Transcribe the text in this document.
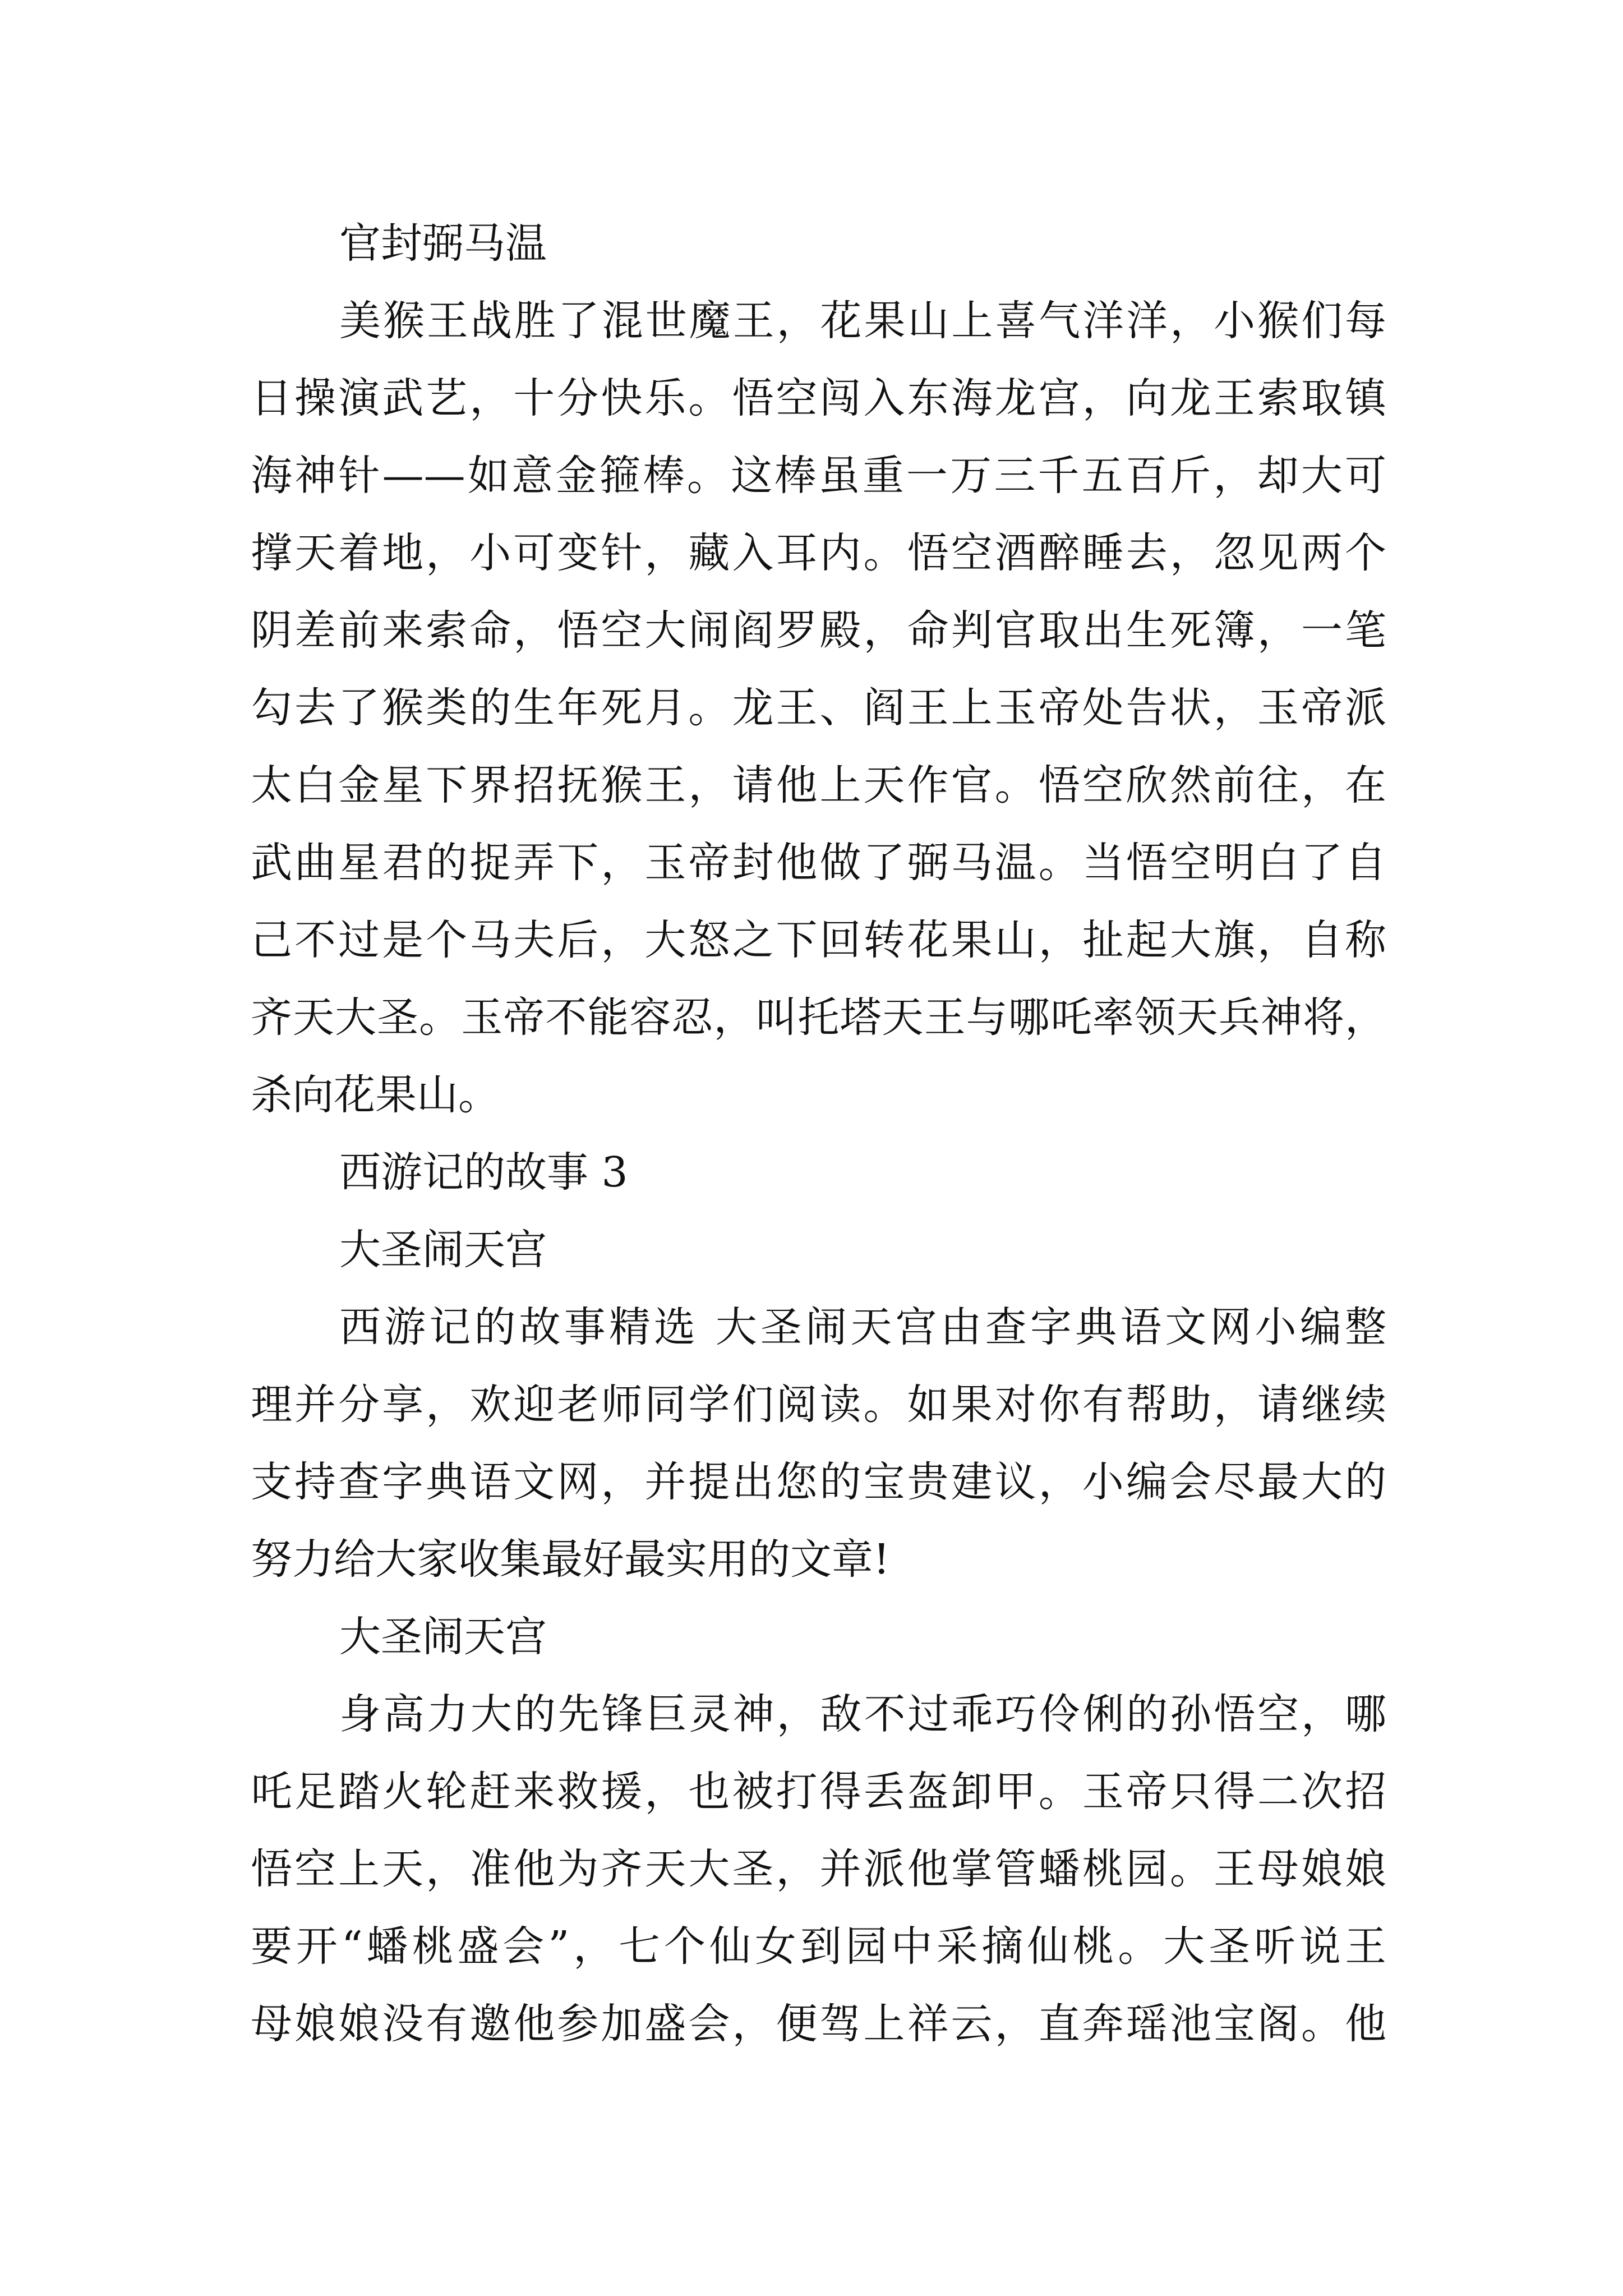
官封弼马温
美猴王战胜了混世魔王，花果山上喜气洋洋，小猴们每
日操演武艺，十分快乐。悟空闯入东海龙宫，向龙王索取镇
海神针——如意金箍棒。这棒虽重一万三千五百斤，却大可
撑天着地，小可变针，藏入耳内。悟空酒醉睡去，忽见两个
阴差前来索命，悟空大闹阎罗殿，命判官取出生死簿，一笔
勾去了猴类的生年死月。龙王、阎王上玉帝处告状，玉帝派
太白金星下界招抚猴王，请他上天作官。悟空欣然前往，在
武曲星君的捉弄下，玉帝封他做了弼马温。当悟空明白了自
己不过是个马夫后，大怒之下回转花果山，扯起大旗，自称
齐天大圣。玉帝不能容忍，叫托塔天王与哪吒率领天兵神将，
杀向花果山。
西游记的故事 3
大圣闹天宫
西游记的故事精选 大圣闹天宫由查字典语文网小编整
理并分享，欢迎老师同学们阅读。如果对你有帮助，请继续
支持查字典语文网，并提出您的宝贵建议，小编会尽最大的
努力给大家收集最好最实用的文章!
大圣闹天宫
身高力大的先锋巨灵神，敌不过乖巧伶俐的孙悟空，哪
吒足踏火轮赶来救援，也被打得丢盔卸甲。玉帝只得二次招
悟空上天，准他为齐天大圣，并派他掌管蟠桃园。王母娘娘
要开“蟠桃盛会”，七个仙女到园中采摘仙桃。大圣听说王
母娘娘没有邀他参加盛会，便驾上祥云，直奔瑶池宝阁。他
